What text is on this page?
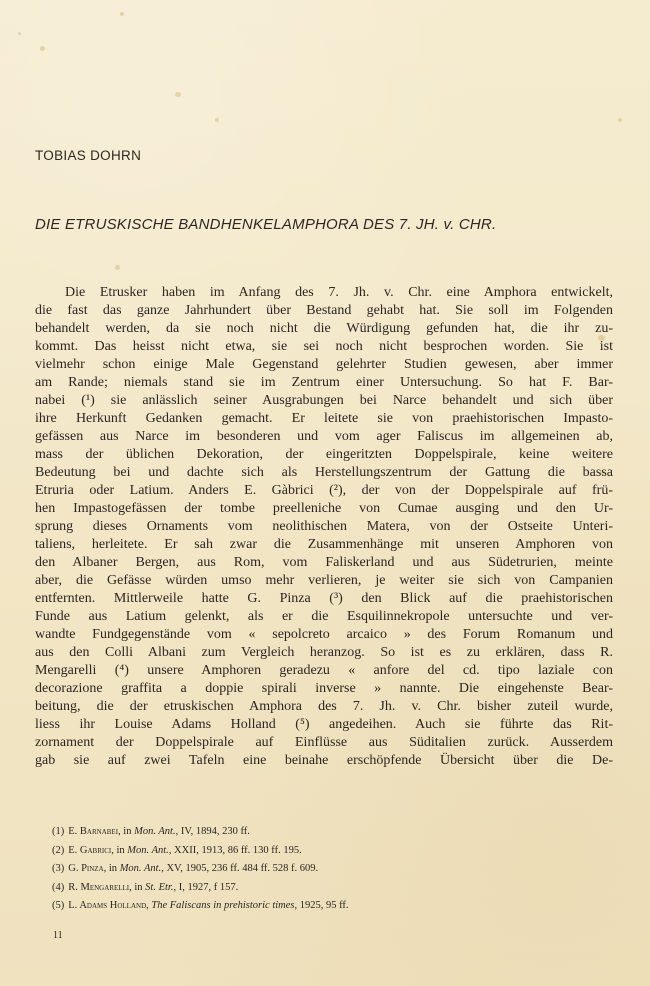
TOBIAS DOHRN
DIE ETRUSKISCHE BANDHENKELAMPHORA DES 7. JH. v. CHR.
Die Etrusker haben im Anfang des 7. Jh. v. Chr. eine Amphora entwickelt,
die fast das ganze Jahrhundert über Bestand gehabt hat. Sie soll im Folgenden
behandelt werden, da sie noch nicht die Würdigung gefunden hat, die ihr zu-
kommt. Das heisst nicht etwa, sie sei noch nicht besprochen worden. Sie ist
vielmehr schon einige Male Gegenstand gelehrter Studien gewesen, aber immer
am Rande; niemals stand sie im Zentrum einer Untersuchung. So hat F. Bar-
nabei (¹) sie anlässlich seiner Ausgrabungen bei Narce behandelt und sich über
ihre Herkunft Gedanken gemacht. Er leitete sie von praehistorischen Impasto-
gefässen aus Narce im besonderen und vom ager Faliscus im allgemeinen ab,
mass der üblichen Dekoration, der eingeritzten Doppelspirale, keine weitere
Bedeutung bei und dachte sich als Herstellungszentrum der Gattung die bassa
Etruria oder Latium. Anders E. Gàbrici (²), der von der Doppelspirale auf frü-
hen Impastogefässen der tombe preelleniche von Cumae ausging und den Ur-
sprung dieses Ornaments vom neolithischen Matera, von der Ostseite Unteri-
taliens, herleitete. Er sah zwar die Zusammenhänge mit unseren Amphoren von
den Albaner Bergen, aus Rom, vom Faliskerland und aus Südetrurien, meinte
aber, die Gefässe würden umso mehr verlieren, je weiter sie sich von Campanien
entfernten. Mittlerweile hatte G. Pinza (³) den Blick auf die praehistorischen
Funde aus Latium gelenkt, als er die Esquilinnekropole untersuchte und ver-
wandte Fundgegenstände vom « sepolcreto arcaico » des Forum Romanum und
aus den Colli Albani zum Vergleich heranzog. So ist es zu erklären, dass R.
Mengarelli (⁴) unsere Amphoren geradezu « anfore del cd. tipo laziale con
decorazione graffita a doppie spirali inverse » nannte. Die eingehenste Bear-
beitung, die der etruskischen Amphora des 7. Jh. v. Chr. bisher zuteil wurde,
liess ihr Louise Adams Holland (⁵) angedeihen. Auch sie führte das Rit-
zornament der Doppelspirale auf Einflüsse aus Süditalien zurück. Ausserdem
gab sie auf zwei Tafeln eine beinahe erschöpfende Übersicht über die De-
(1) E. Barnabei, in Mon. Ant., IV, 1894, 230 ff.
(2) E. Gabrici, in Mon. Ant., XXII, 1913, 86 ff. 130 ff. 195.
(3) G. Pinza, in Mon. Ant., XV, 1905, 236 ff. 484 ff. 528 f. 609.
(4) R. Mengarelli, in St. Etr., I, 1927, f 157.
(5) L. Adams Holland, The Faliscans in prehistoric times, 1925, 95 ff.
11
